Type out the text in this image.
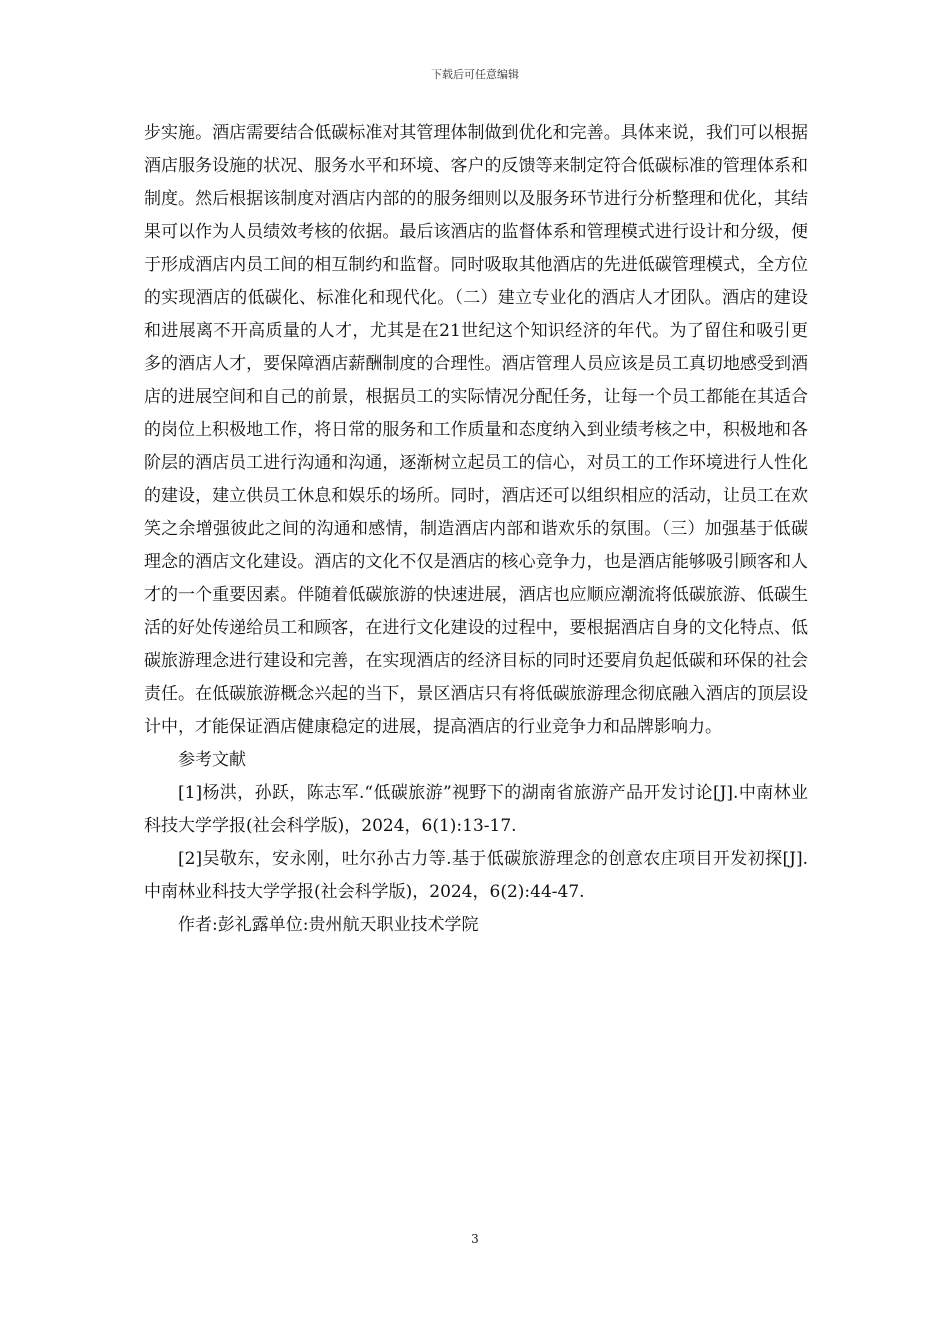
下载后可任意编辑

步实施。酒店需要结合低碳标准对其管理体制做到优化和完善。具体来说，我们可以根据酒店服务设施的状况、服务水平和环境、客户的反馈等来制定符合低碳标准的管理体系和制度。然后根据该制度对酒店内部的的服务细则以及服务环节进行分析整理和优化，其结果可以作为人员绩效考核的依据。最后该酒店的监督体系和管理模式进行设计和分级，便于形成酒店内员工间的相互制约和监督。同时吸取其他酒店的先进低碳管理模式，全方位的实现酒店的低碳化、标准化和现代化。（二）建立专业化的酒店人才团队。酒店的建设和进展离不开高质量的人才，尤其是在21世纪这个知识经济的年代。为了留住和吸引更多的酒店人才，要保障酒店薪酬制度的合理性。酒店管理人员应该是员工真切地感受到酒店的进展空间和自己的前景，根据员工的实际情况分配任务，让每一个员工都能在其适合的岗位上积极地工作，将日常的服务和工作质量和态度纳入到业绩考核之中，积极地和各阶层的酒店员工进行沟通和沟通，逐渐树立起员工的信心，对员工的工作环境进行人性化的建设，建立供员工休息和娱乐的场所。同时，酒店还可以组织相应的活动，让员工在欢笑之余增强彼此之间的沟通和感情，制造酒店内部和谐欢乐的氛围。（三）加强基于低碳理念的酒店文化建设。酒店的文化不仅是酒店的核心竞争力，也是酒店能够吸引顾客和人才的一个重要因素。伴随着低碳旅游的快速进展，酒店也应顺应潮流将低碳旅游、低碳生活的好处传递给员工和顾客，在进行文化建设的过程中，要根据酒店自身的文化特点、低碳旅游理念进行建设和完善，在实现酒店的经济目标的同时还要肩负起低碳和环保的社会责任。在低碳旅游概念兴起的当下，景区酒店只有将低碳旅游理念彻底融入酒店的顶层设计中，才能保证酒店健康稳定的进展，提高酒店的行业竞争力和品牌影响力。

参考文献

[1]杨洪，孙跃，陈志军.“低碳旅游”视野下的湖南省旅游产品开发讨论[J].中南林业科技大学学报(社会科学版)，2024，6(1):13-17.

[2]吴敬东，安永刚，吐尔孙古力等.基于低碳旅游理念的创意农庄项目开发初探[J].中南林业科技大学学报(社会科学版)，2024，6(2):44-47.

作者:彭礼露单位:贵州航天职业技术学院

3
